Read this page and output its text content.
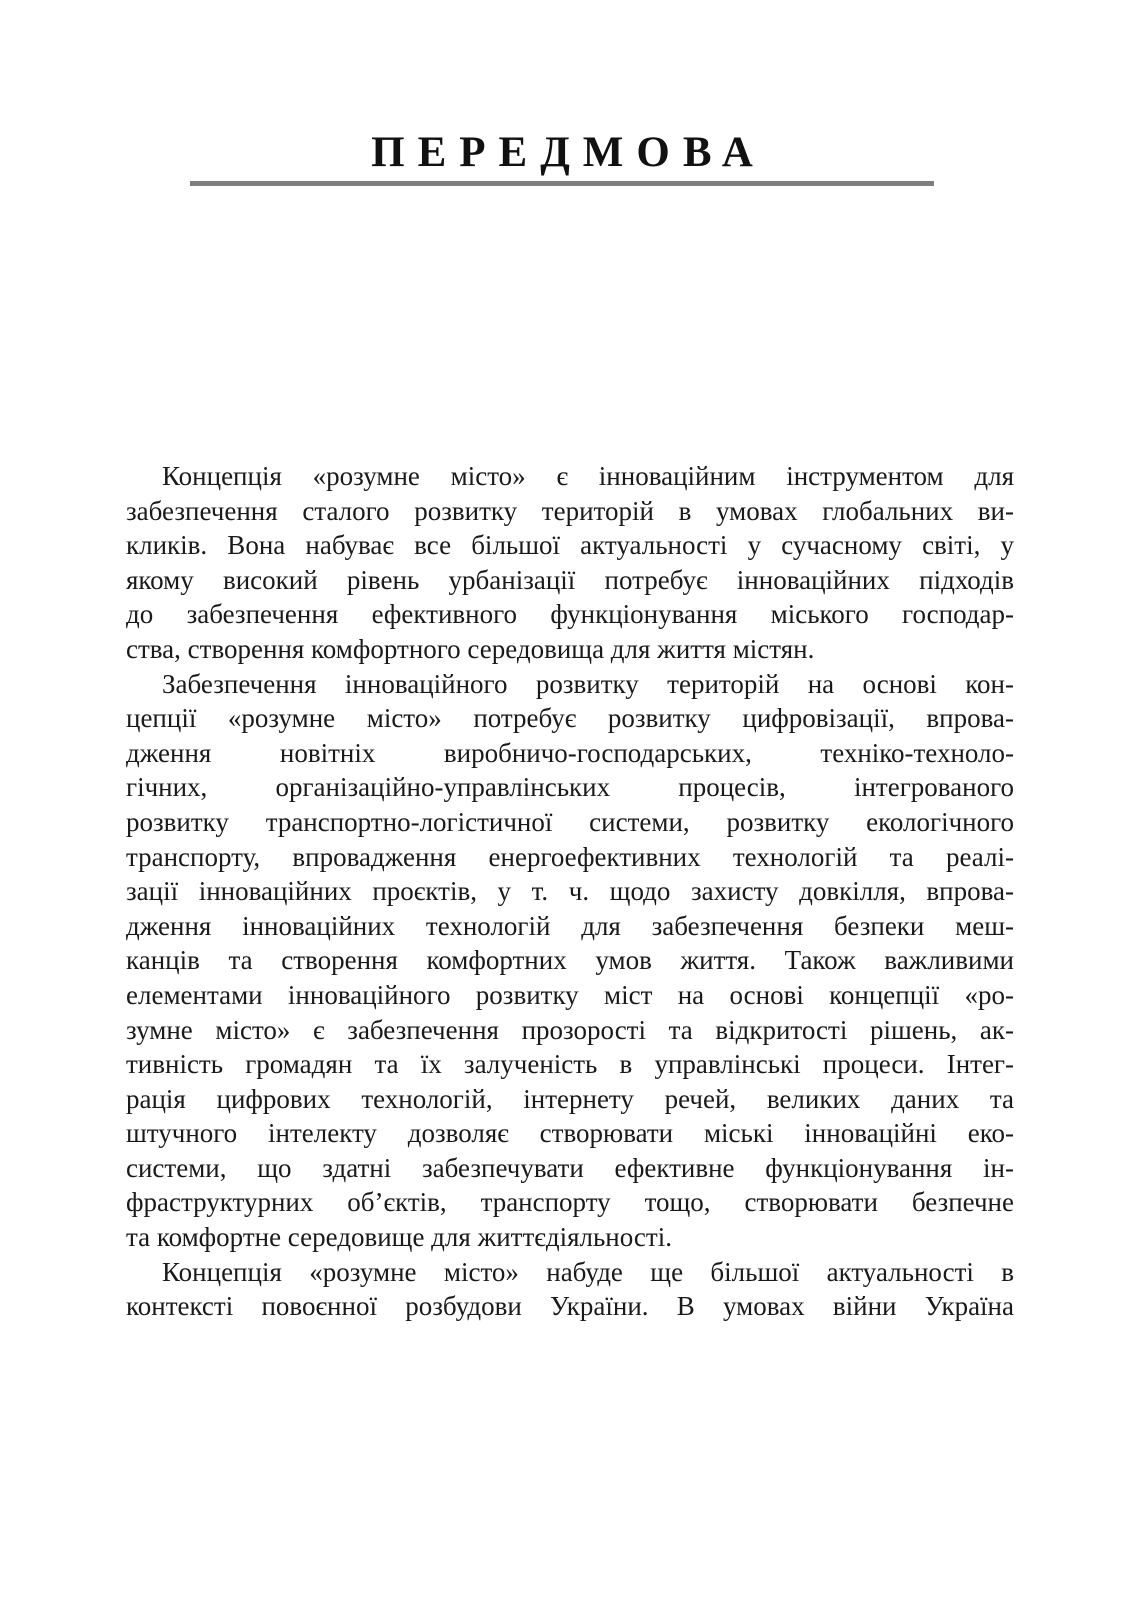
ПЕРЕДМОВА
Концепція «розумне місто» є інноваційним інструментом для
забезпечення сталого розвитку територій в умовах глобальних ви-
кликів. Вона набуває все більшої актуальності у сучасному світі, у
якому високий рівень урбанізації потребує інноваційних підходів
до забезпечення ефективного функціонування міського господар-
ства, створення комфортного середовища для життя містян.
Забезпечення інноваційного розвитку територій на основі кон-
цепції «розумне місто» потребує розвитку цифровізації, впрова-
дження новітніх виробничо-господарських, техніко-техноло-
гічних, організаційно-управлінських процесів, інтегрованого
розвитку транспортно-логістичної системи, розвитку екологічного
транспорту, впровадження енергоефективних технологій та реалі-
зації інноваційних проєктів, у т. ч. щодо захисту довкілля, впрова-
дження інноваційних технологій для забезпечення безпеки меш-
канців та створення комфортних умов життя. Також важливими
елементами інноваційного розвитку міст на основі концепції «ро-
зумне місто» є забезпечення прозорості та відкритості рішень, ак-
тивність громадян та їх залученість в управлінські процеси. Інтег-
рація цифрових технологій, інтернету речей, великих даних та
штучного інтелекту дозволяє створювати міські інноваційні еко-
системи, що здатні забезпечувати ефективне функціонування ін-
фраструктурних об’єктів, транспорту тощо, створювати безпечне
та комфортне середовище для життєдіяльності.
Концепція «розумне місто» набуде ще більшої актуальності в
контексті повоєнної розбудови України. В умовах війни Україна
